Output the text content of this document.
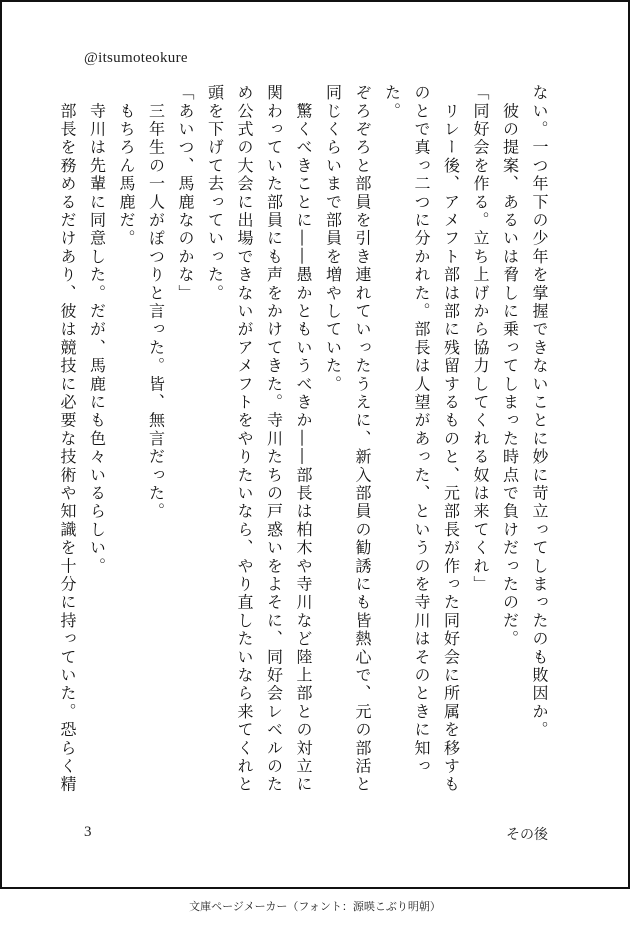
@itsumoteokure

ない。一つ年下の少年を掌握できないことに妙に苛立ってしまったのも敗因か。

　彼の提案、あるいは脅しに乗ってしまった時点で負けだったのだ。

「同好会を作る。立ち上げから協力してくれる奴は来てくれ」

　リレー後、アメフト部は部に残留するものと、元部長が作った同好会に所属を移すも

のとで真っ二つに分かれた。部長は人望があった、というのを寺川はそのときに知った。

ぞろぞろと部員を引き連れていったうえに、新入部員の勧誘にも皆熱心で、元の部活と

同じくらいまで部員を増やしていた。

　驚くべきことに――愚かともいうべきか――部長は柏木や寺川など陸上部との対立に

関わっていた部員にも声をかけてきた。寺川たちの戸惑いをよそに、同好会レベルのた

め公式の大会に出場できないがアメフトをやりたいなら、やり直したいなら来てくれと

頭を下げて去っていった。

「あいつ、馬鹿なのかな」

　三年生の一人がぽつりと言った。皆、無言だった。

　もちろん馬鹿だ。

　寺川は先輩に同意した。だが、馬鹿にも色々いるらしい。

　部長を務めるだけあり、彼は競技に必要な技術や知識を十分に持っていた。恐らく精

3	その後
文庫ページメーカー（フォント：源暎こぶり明朝）
